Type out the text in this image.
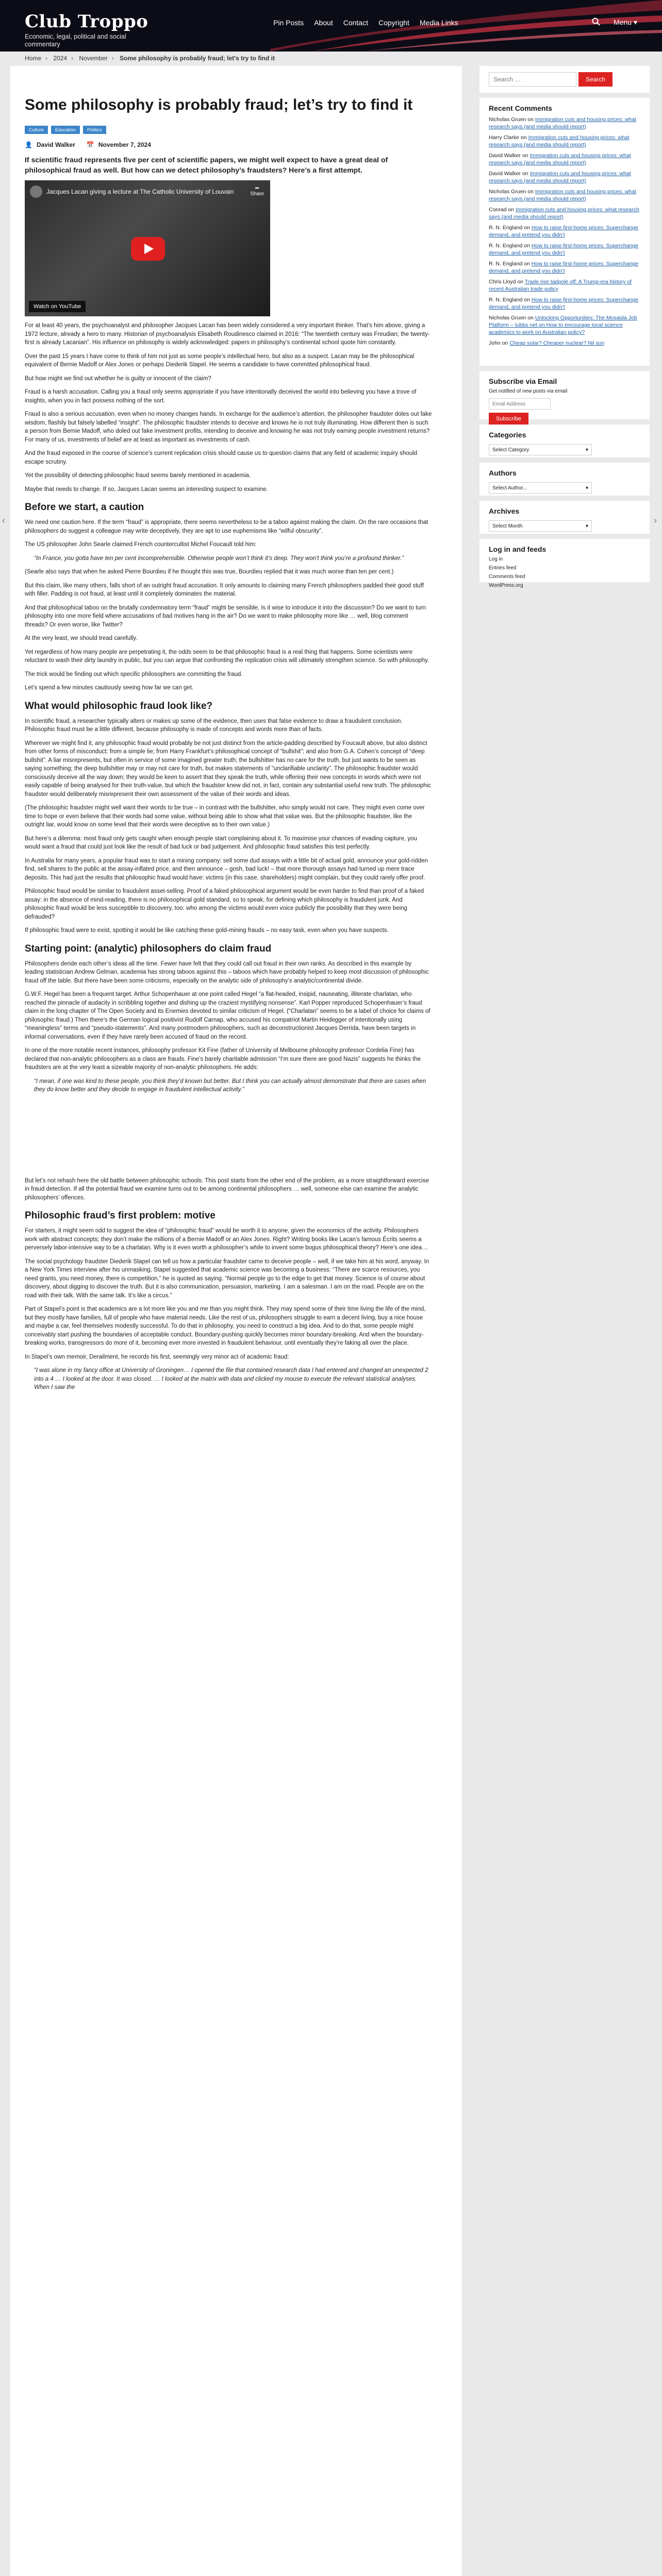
Club Troppo
Economic, legal, political and social commentary
Pin Posts About Contact Copyright Media Links	Menu ▾
Home › 2024 › November › Some philosophy is probably fraud; let's try to find it
Some philosophy is probably fraud; let’s try to find it
Culture	Education	Politics
👤 David Walker 📅 November 7, 2024

If scientific fraud represents five per cent of scientific papers, we might well expect to have a great deal of philosophical fraud as well. But how can we detect philosophy’s fraudsters? Here’s a first attempt.

Jacques Lacan giving a lecture at The Catholic University of Louvain	➦
Share
Watch on YouTube

For at least 40 years, the psychoanalyst and philosopher Jacques Lacan has been widely considered a very important thinker. That’s him above, giving a 1972 lecture, already a hero to many. Historian of psychoanalysis Elisabeth Roudinesco claimed in 2016: “The twentieth century was Freudian; the twenty-first is already Lacanian”. His influence on philosophy is widely acknowledged: papers in philosophy’s continental school quote him constantly.

Over the past 15 years I have come to think of him not just as some people’s intellectual hero, but also as a suspect. Lacan may be the philosophical equivalent of Bernie Madoff or Alex Jones or perhaps Diederik Stapel. He seems a candidate to have committed philosophical fraud.

But how might we find out whether he is guilty or innocent of the claim?

Fraud is a harsh accusation. Calling you a fraud only seems appropriate if you have intentionally deceived the world into believing you have a trove of insights, when you in fact possess nothing of the sort.

Fraud is also a serious accusation, even when no money changes hands. In exchange for the audience’s attention, the philosopher fraudster doles out fake wisdom, flashily but falsely labelled “insight”. The philosophic fraudster intends to deceive and knows he is not truly illuminating. How different then is such a person from Bernie Madoff, who doled out fake investment profits, intending to deceive and knowing he was not truly earning people investment returns? For many of us, investments of belief are at least as important as investments of cash.

And the fraud exposed in the course of science’s current replication crisis should cause us to question claims that any field of academic inquiry should escape scrutiny.

Yet the possibility of detecting philosophic fraud seems barely mentioned in academia.

Maybe that needs to change. If so, Jacques Lacan seems an interesting suspect to examine.

Before we start, a caution

We need one caution here. If the term “fraud” is appropriate, there seems nevertheless to be a taboo against making the claim. On the rare occasions that philosophers do suggest a colleague may write deceptively, they are apt to use euphemisms like “wilful obscurity”.

The US philosopher John Searle claimed French countercultist Michel Foucault told him:

“In France, you gotta have ten per cent incomprehensible. Otherwise people won’t think it’s deep. They won’t think you’re a profound thinker.”

(Searle also says that when he asked Pierre Bourdieu if he thought this was true, Bourdieu replied that it was much worse than ten per cent.)

But this claim, like many others, falls short of an outright fraud accusation. It only amounts to claiming many French philosophers padded their good stuff with filler. Padding is not fraud, at least until it completely dominates the material.

And that philosophical taboo on the brutally condemnatory term “fraud” might be sensible. Is it wise to introduce it into the discussion? Do we want to turn philosophy into one more field where accusations of bad motives hang in the air? Do we want to make philosophy more like … well, blog comment threads? Or even worse, like Twitter?

At the very least, we should tread carefully.

Yet regardless of how many people are perpetrating it, the odds seem to be that philosophic fraud is a real thing that happens. Some scientists were reluctant to wash their dirty laundry in public, but you can argue that confronting the replication crisis will ultimately strengthen science. So with philosophy.

The trick would be finding out which specific philosophers are committing the fraud.

Let’s spend a few minutes cautiously seeing how far we can get.

What would philosophic fraud look like?

In scientific fraud, a researcher typically alters or makes up some of the evidence, then uses that false evidence to draw a fraudulent conclusion. Philosophic fraud must be a little different, because philosophy is made of concepts and words more than of facts.

Wherever we might find it, any philosophic fraud would probably be not just distinct from the article-padding described by Foucault above, but also distinct from other forms of misconduct: from a simple lie; from Harry Frankfurt’s philosophical concept of “bullshit”; and also from G.A. Cohen’s concept of “deep bullshit”. A liar misrepresents, but often in service of some imagined greater truth; the bullshitter has no care for the truth, but just wants to be seen as saying something; the deep bullshitter may or may not care for truth, but makes statements of “unclarifiable unclarity”. The philosophic fraudster would consciously deceive all the way down; they would be keen to assert that they speak the truth, while offering their new concepts in words which were not easily capable of being analysed for their truth-value, but which the fraudster knew did not, in fact, contain any substantial useful new truth. The philosophic fraudster would deliberately misrepresent their own assessment of the value of their words and ideas.

(The philosophic fraudster might well want their words to be true – in contrast with the bullshitter, who simply would not care. They might even come over time to hope or even believe that their words had some value, without being able to show what that value was. But the philosophic fraudster, like the outright liar, would know on some level that their words were deceptive as to their own value.)

But here’s a dilemma: most fraud only gets caught when enough people start complaining about it. To maximise your chances of evading capture, you would want a fraud that could just look like the result of bad luck or bad judgement. And philosophic fraud satisfies this test perfectly.

In Australia for many years, a popular fraud was to start a mining company: sell some dud assays with a little bit of actual gold, announce your gold-ridden find, sell shares to the public at the assay-inflated price, and then announce – gosh, bad luck! – that more thorough assays had turned up mere trace deposits. This had just the results that philosophic fraud would have: victims (in this case, shareholders) might complain, but they could rarely offer proof.

Philosophic fraud would be similar to fraudulent asset-selling. Proof of a faked philosophical argument would be even harder to find than proof of a faked assay: in the absence of mind-reading, there is no philosophical gold standard, so to speak, for defining which philosophy is fraudulent junk. And philosophic fraud would be less susceptible to discovery, too: who among the victims would even voice publicly the possibility that they were being defrauded?

If philosophic fraud were to exist, spotting it would be like catching these gold-mining frauds – no easy task, even when you have suspects.

Starting point: (analytic) philosophers do claim fraud

Philosophers deride each other’s ideas all the time. Fewer have felt that they could call out fraud in their own ranks. As described in this example by leading statistician Andrew Gelman, academia has strong taboos against this – taboos which have probably helped to keep most discussion of philosophic fraud off the table. But there have been some criticisms, especially on the analytic side of philosophy’s analytic/continental divide.

G.W.F. Hegel has been a frequent target. Arthur Schopenhauer at one point called Hegel “a flat-headed, insipid, nauseating, illiterate charlatan, who reached the pinnacle of audacity in scribbling together and dishing up the craziest mystifying nonsense”. Karl Popper reproduced Schopenhauer’s fraud claim in the long chapter of The Open Society and its Enemies devoted to similar criticism of Hegel. (“Charlatan” seems to be a label of choice for claims of philosophic fraud.) Then there’s the German logical positivist Rudolf Carnap, who accused his compatriot Martin Heidegger of intentionally using “meaningless” terms and “pseudo-statements”. And many postmodern philosophers, such as deconstructionist Jacques Derrida, have been targets in informal conversations, even if they have rarely been accused of fraud on the record.

In one of the more notable recent instances, philosophy professor Kit Fine (father of University of Melbourne philosophy professor Cordelia Fine) has declared that non-analytic philosophers as a class are frauds. Fine’s barely charitable admission “I’m sure there are good Nazis” suggests he thinks the fraudsters are at the very least a sizeable majority of non-analytic philosophers. He adds:

“I mean, if one was kind to these people, you think they’d known but better. But I think you can actually almost demonstrate that there are cases when they do know better and they decide to engage in fraudulent intellectual activity.”

But let’s not rehash here the old battle between philosophic schools. This post starts from the other end of the problem, as a more straightforward exercise in fraud detection. If all the potential fraud we examine turns out to be among continental philosophers … well, someone else can examine the analytic philosophers’ offences.

Philosophic fraud’s first problem: motive

For starters, it might seem odd to suggest the idea of “philosophic fraud” would be worth it to anyone, given the economics of the activity. Philosophers work with abstract concepts; they don’t make the millions of a Bernie Madoff or an Alex Jones. Right? Writing books like Lacan’s famous Écrits seems a perversely labor-intensive way to be a charlatan. Why is it even worth a philosopher’s while to invent some bogus philosophical theory? Here’s one idea…

The social psychology fraudster Diederik Stapel can tell us how a particular fraudster came to deceive people – well, if we take him at his word, anyway. In a New York Times interview after his unmasking, Stapel suggested that academic science was becoming a business: “There are scarce resources, you need grants, you need money, there is competition,” he is quoted as saying. “Normal people go to the edge to get that money. Science is of course about discovery, about digging to discover the truth. But it is also communication, persuasion, marketing. I am a salesman. I am on the road. People are on the road with their talk. With the same talk. It’s like a circus.”

Part of Stapel’s point is that academics are a lot more like you and me than you might think. They may spend some of their time living the life of the mind, but they mostly have families, full of people who have material needs. Like the rest of us, philosophers struggle to earn a decent living, buy a nice house and maybe a car, feel themselves modestly successful. To do that in philosophy, you need to construct a big idea. And to do that, some people might conceivably start pushing the boundaries of acceptable conduct. Boundary-pushing quickly becomes minor boundary-breaking. And when the boundary-breaking works, transgressors do more of it, becoming ever more invested in fraudulent behaviour, until eventually they’re faking all over the place.

In Stapel’s own memoir, Derailment, he records his first, seemingly very minor act of academic fraud:

“I was alone in my fancy office at University of Groningen… I opened the file that contained research data I had entered and changed an unexpected 2 into a 4 … I looked at the door. It was closed. … I looked at the matrix with data and clicked my mouse to execute the relevant statistical analyses. When I saw the

Search …
Search
Recent Comments
Nicholas Gruen on Immigration cuts and housing prices: what research says (and media should report)
Harry Clarke on Immigration cuts and housing prices: what research says (and media should report)
David Walker on Immigration cuts and housing prices: what research says (and media should report)
David Walker on Immigration cuts and housing prices: what research says (and media should report)
Nicholas Gruen on Immigration cuts and housing prices: what research says (and media should report)
Conrad on Immigration cuts and housing prices: what research says (and media should report)
R. N. England on How to raise first-home prices: Superchange demand, and pretend you didn’t
R. N. England on How to raise first-home prices: Superchange demand, and pretend you didn’t
R. N. England on How to raise first-home prices: Superchange demand, and pretend you didn’t
Chris Lloyd on Trade rise tadpole off: A Trump-era history of recent Australian trade policy
R. N. England on How to raise first-home prices: Superchange demand, and pretend you didn’t
Nicholas Gruen on Unlocking Opportunities: The Mosaida Job Platform – tubbs net on How to encourage local science academics to work on Australian policy?
John on Cheap solar? Cheaper nuclear? Nil sun
Subscribe via Email
Get notified of new posts via email
Email Address
Subscribe
Categories
Select Category	▾
Authors
Select Author...	▾
Archives
Select Month	▾
Log in and feeds
Log in
Entries feed
Comments feed
WordPress.org
‹	›
